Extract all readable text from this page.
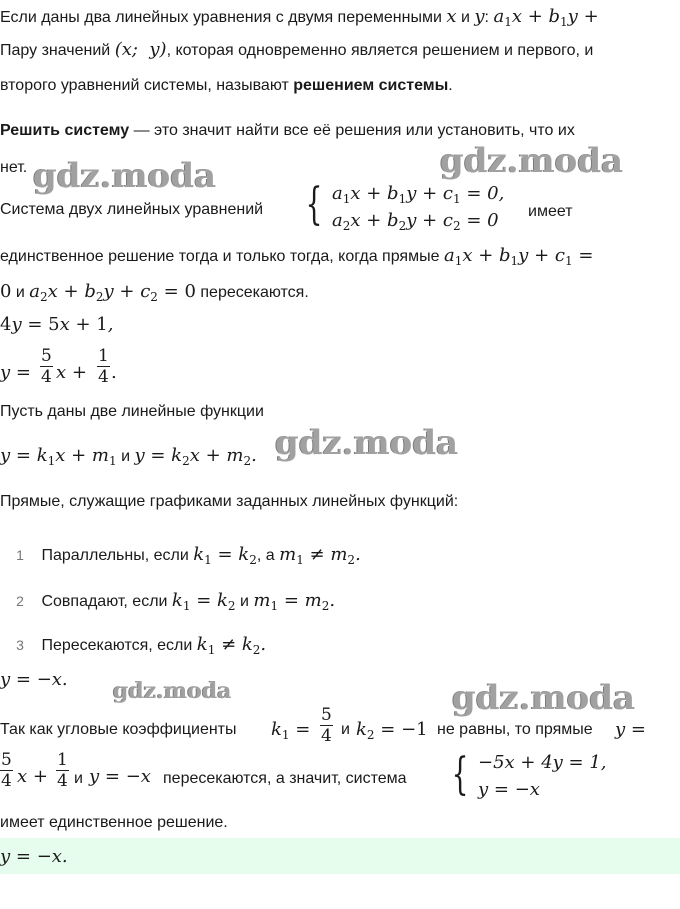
Если даны два линейных уравнения с двумя переменными x и y: $a_1x + b_1y$ +
Пару значений (x;  y), которая одновременно является решением и первого, и
второго уравнений системы, называют решением системы.
Решить систему — это значит найти все её решения или установить, что их
нет.
Система двух линейных уравнений { $a_1x + b_1y + c_1 = 0$,
$a_2x + b_2y + c_2 = 0$ имеет
единственное решение тогда и только тогда, когда прямые $a_1x + b_1y + c_1$ =
0 и $a_2x + b_2y + c_2 = 0$ пересекаются.
4y = 5x + 1,
$y = \frac{5}{4}$ $x + \frac{1}{4}$ .
Пусть даны две линейные функции
$y = k_1x + m_1$ и $y = k_2x + m_2$.
Прямые, служащие графиками заданных линейных функций:
1 Параллельны, если $k_1 = k_2$, а $m_1 \ne m_2$.
2 Совпадают, если $k_1 = k_2$ и $m_1 = m_2$.
3 Пересекаются, если $k_1 \ne k_2$.
y = −x.
Так как угловые коэффициенты $k_1 = \frac{5}{4}$ и $k_2 = -1$ не равны, то прямые y =
$\frac{5}{4}$ $x + \frac{1}{4}$ и y = −x пересекаются, а значит, система { −5x + 4y = 1,
y = −x
имеет единственное решение.
y = −x.
gdz.moda	gdz.moda
gdz.moda
gdz.moda	gdz.moda
